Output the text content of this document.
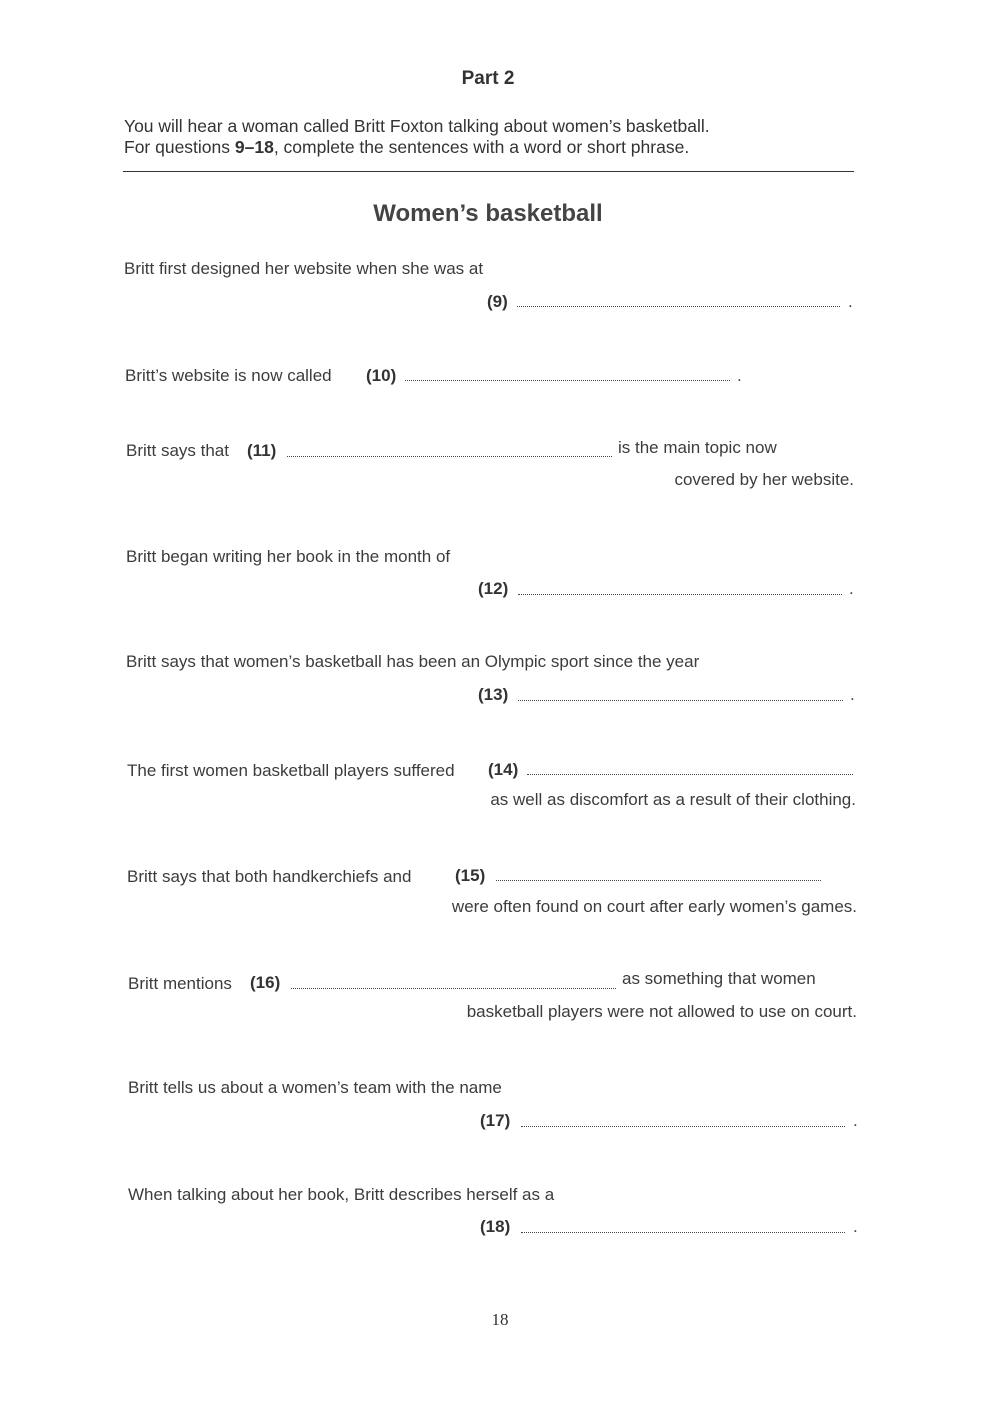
Part 2
You will hear a woman called Britt Foxton talking about women’s basketball.
For questions 9–18, complete the sentences with a word or short phrase.
Women’s basketball
Britt first designed her website when she was at
(9)	.
Britt’s website is now called (10)	.
Britt says that (11)	is the main topic now
covered by her website.
Britt began writing her book in the month of
(12)	.
Britt says that women’s basketball has been an Olympic sport since the year
(13)	.
The first women basketball players suffered (14)
as well as discomfort as a result of their clothing.
Britt says that both handkerchiefs and	(15)
were often found on court after early women’s games.
Britt mentions (16)	as something that women
basketball players were not allowed to use on court.
Britt tells us about a women’s team with the name
(17)	.
When talking about her book, Britt describes herself as a
(18)	.
18
